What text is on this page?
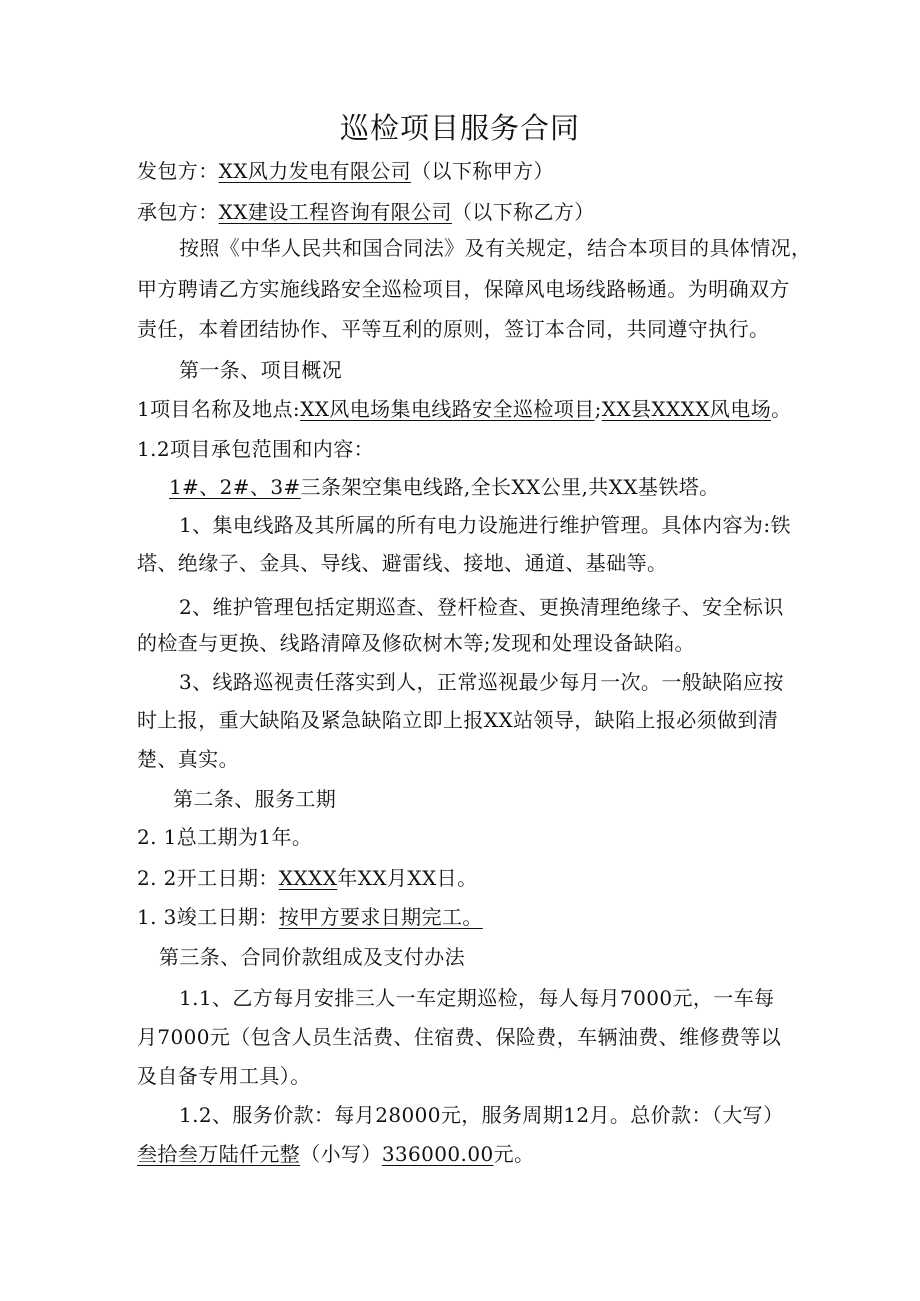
巡检项目服务合同
发包方：XX风力发电有限公司（以下称甲方）
承包方：XX建设工程咨询有限公司（以下称乙方）
按照《中华人民共和国合同法》及有关规定，结合本项目的具体情况，
甲方聘请乙方实施线路安全巡检项目，保障风电场线路畅通。为明确双方
责任，本着团结协作、平等互利的原则，签订本合同，共同遵守执行。
第一条、项目概况
1项目名称及地点:XX风电场集电线路安全巡检项目;XX县XXXX风电场。
1.2项目承包范围和内容：
1#、2#、3#三条架空集电线路,全长XX公里,共XX基铁塔。
1、集电线路及其所属的所有电力设施进行维护管理。具体内容为:铁
塔、绝缘子、金具、导线、避雷线、接地、通道、基础等。
2、维护管理包括定期巡查、登杆检查、更换清理绝缘子、安全标识
的检查与更换、线路清障及修砍树木等;发现和处理设备缺陷。
3、线路巡视责任落实到人，正常巡视最少每月一次。一般缺陷应按
时上报，重大缺陷及紧急缺陷立即上报XX站领导，缺陷上报必须做到清
楚、真实。
第二条、服务工期
2. 1总工期为1年。
2. 2开工日期：XXXX年XX月XX日。
1. 3竣工日期：按甲方要求日期完工。
第三条、合同价款组成及支付办法
1.1、乙方每月安排三人一车定期巡检，每人每月7000元，一车每
月7000元（包含人员生活费、住宿费、保险费，车辆油费、维修费等以
及自备专用工具）。
1.2、服务价款：每月28000元，服务周期12月。总价款：（大写）
叁拾叁万陆仟元整（小写）336000.00元。
